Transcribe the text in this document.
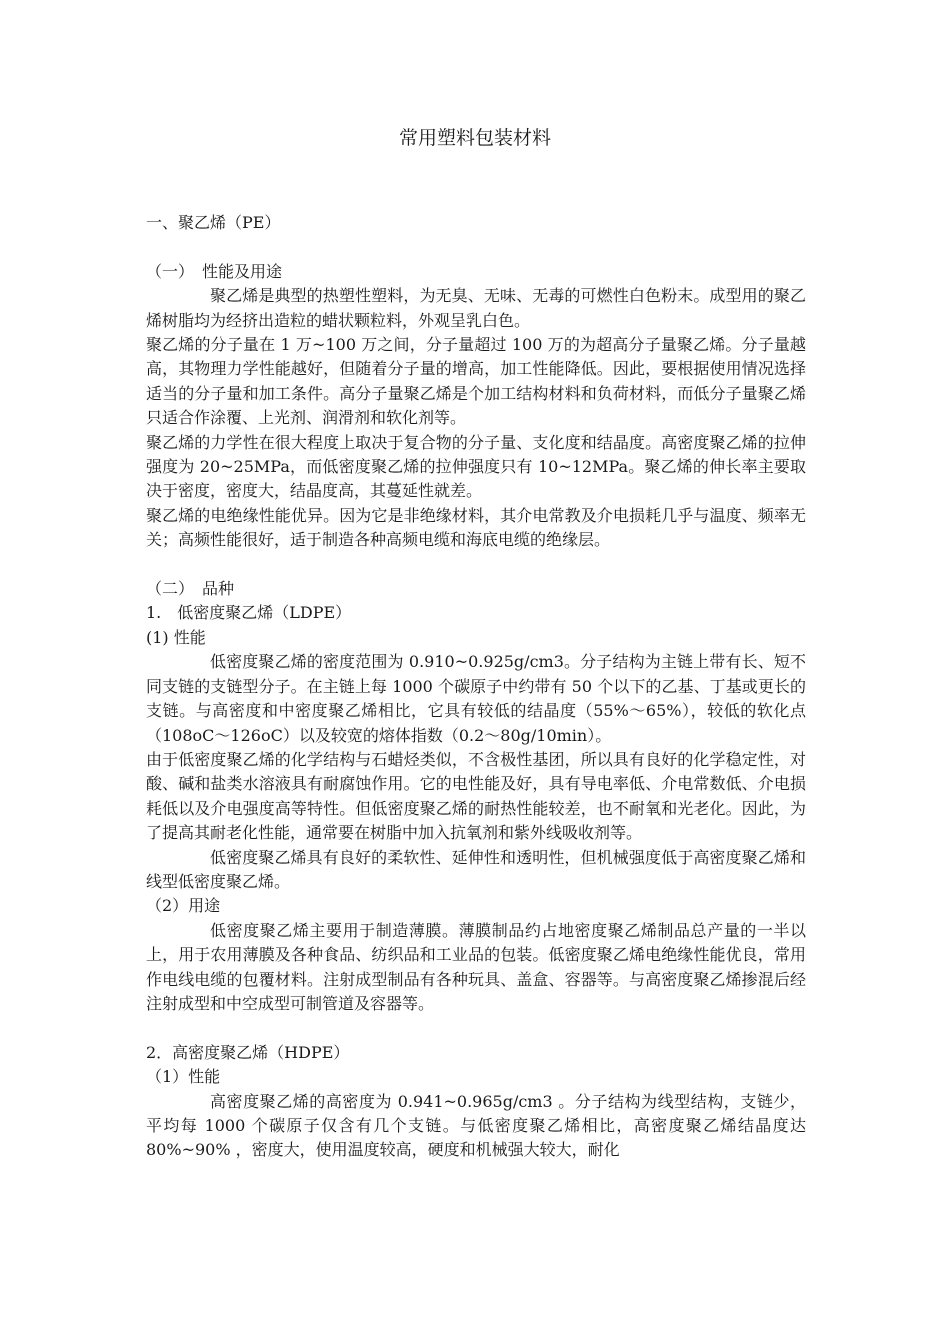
常用塑料包装材料

一、聚乙烯（PE）

（一）　性能及用途

聚乙烯是典型的热塑性塑料，为无臭、无味、无毒的可燃性白色粉末。成型用的聚乙烯树脂均为经挤出造粒的蜡状颗粒料，外观呈乳白色。

聚乙烯的分子量在 1 万~100 万之间，分子量超过 100 万的为超高分子量聚乙烯。分子量越高，其物理力学性能越好，但随着分子量的增高，加工性能降低。因此，要根据使用情况选择适当的分子量和加工条件。高分子量聚乙烯是个加工结构材料和负荷材料，而低分子量聚乙烯只适合作涂覆、上光剂、润滑剂和软化剂等。

聚乙烯的力学性在很大程度上取决于复合物的分子量、支化度和结晶度。高密度聚乙烯的拉伸强度为 20~25MPa，而低密度聚乙烯的拉伸强度只有 10~12MPa。聚乙烯的伸长率主要取决于密度，密度大，结晶度高，其蔓延性就差。

聚乙烯的电绝缘性能优异。因为它是非绝缘材料，其介电常教及介电损耗几乎与温度、频率无关；高频性能很好，适于制造各种高频电缆和海底电缆的绝缘层。

（二）　品种

1.　低密度聚乙烯（LDPE）

(1) 性能

低密度聚乙烯的密度范围为 0.910~0.925g/cm3。分子结构为主链上带有长、短不同支链的支链型分子。在主链上每 1000 个碳原子中约带有 50 个以下的乙基、丁基或更长的支链。与高密度和中密度聚乙烯相比，它具有较低的结晶度（55%～65%），较低的软化点（108oC～126oC）以及较宽的熔体指数（0.2～80g/10min）。

由于低密度聚乙烯的化学结构与石蜡烃类似，不含极性基团，所以具有良好的化学稳定性，对酸、碱和盐类水溶液具有耐腐蚀作用。它的电性能及好，具有导电率低、介电常数低、介电损耗低以及介电强度高等特性。但低密度聚乙烯的耐热性能较差，也不耐氧和光老化。因此，为了提高其耐老化性能，通常要在树脂中加入抗氧剂和紫外线吸收剂等。

低密度聚乙烯具有良好的柔软性、延伸性和透明性，但机械强度低于高密度聚乙烯和线型低密度聚乙烯。

（2）用途

低密度聚乙烯主要用于制造薄膜。薄膜制品约占地密度聚乙烯制品总产量的一半以上，用于农用薄膜及各种食品、纺织品和工业品的包装。低密度聚乙烯电绝缘性能优良，常用作电线电缆的包覆材料。注射成型制品有各种玩具、盖盒、容器等。与高密度聚乙烯掺混后经注射成型和中空成型可制管道及容器等。

2．高密度聚乙烯（HDPE）

（1）性能

高密度聚乙烯的高密度为 0.941~0.965g/cm3 。分子结构为线型结构，支链少，平均每 1000 个碳原子仅含有几个支链。与低密度聚乙烯相比，高密度聚乙烯结晶度达 80%~90% ，密度大，使用温度较高，硬度和机械强大较大，耐化
